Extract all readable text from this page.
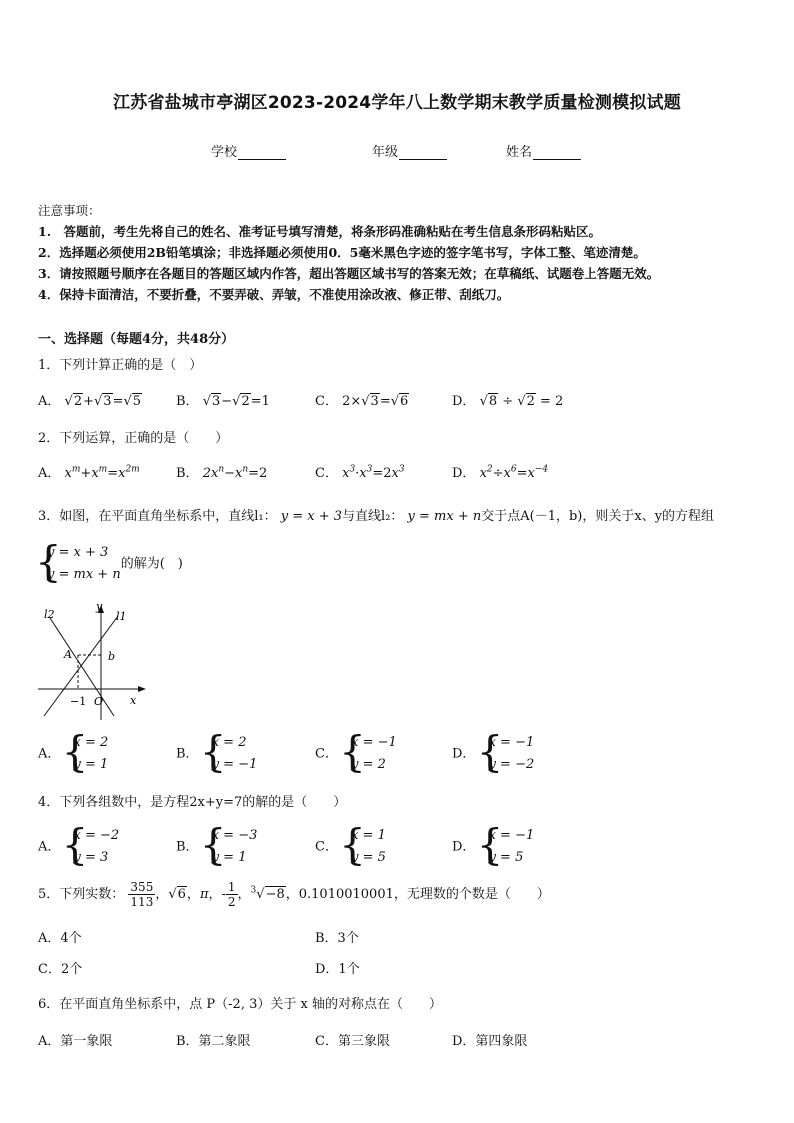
江苏省盐城市亭湖区2023-2024学年八上数学期末教学质量检测模拟试题
学校	年级	姓名
注意事项：
1.　答题前，考生先将自己的姓名、准考证号填写清楚，将条形码准确粘贴在考生信息条形码粘贴区。
2．选择题必须使用2B铅笔填涂；非选择题必须使用0．5毫米黑色字迹的签字笔书写，字体工整、笔迹清楚。
3．请按照题号顺序在各题目的答题区域内作答，超出答题区域书写的答案无效；在草稿纸、试题卷上答题无效。
4．保持卡面清洁，不要折叠，不要弄破、弄皱，不准使用涂改液、修正带、刮纸刀。
一、选择题（每题4分，共48分）
1．下列计算正确的是（　）
A． √2+√3=√5	B． √3−√2=1	C． 2×√3=√6	D． √8 ÷ √2 = 2
2．下列运算，正确的是（　　）
A． $x^m+x^m=x^{2m}$	B． $2x^n-x^n=2$	C． $x^3\cdot x^3=2x^3$	D． $x^2\div x^6=x^{-4}$
3．如图，在平面直角坐标系中，直线l₁： y = x + 3与直线l₂： y = mx + n交于点A(－1，b)，则关于x、y的方程组
{ y = x + 3
y = mx + n
的解为(　)
l2	l1
y
x
A	b
−1 O
A．
{ x = 2
y = 1
B．
{ x = 2
y = −1
C．
{ x = −1
y = 2
D．
{ x = −1
y = −2
4．下列各组数中，是方程2x+y=7的解的是（　　）
A．
{ x = −2
y = 3
B．
{ x = −3
y = 1
C．
{ x = 1
y = 5
D．
{ x = −1
y = 5
5．下列实数： $\frac{355}{113}$ ，√6，π，- $\frac{1}{2}$ ，$^3$√−8，0.1010010001，无理数的个数是（　　）
A．4个	B．3个
C．2个	D．1个
6．在平面直角坐标系中，点 P（-2, 3）关于 x 轴的对称点在（　　）
A．第一象限	B．第二象限	C．第三象限	D．第四象限
